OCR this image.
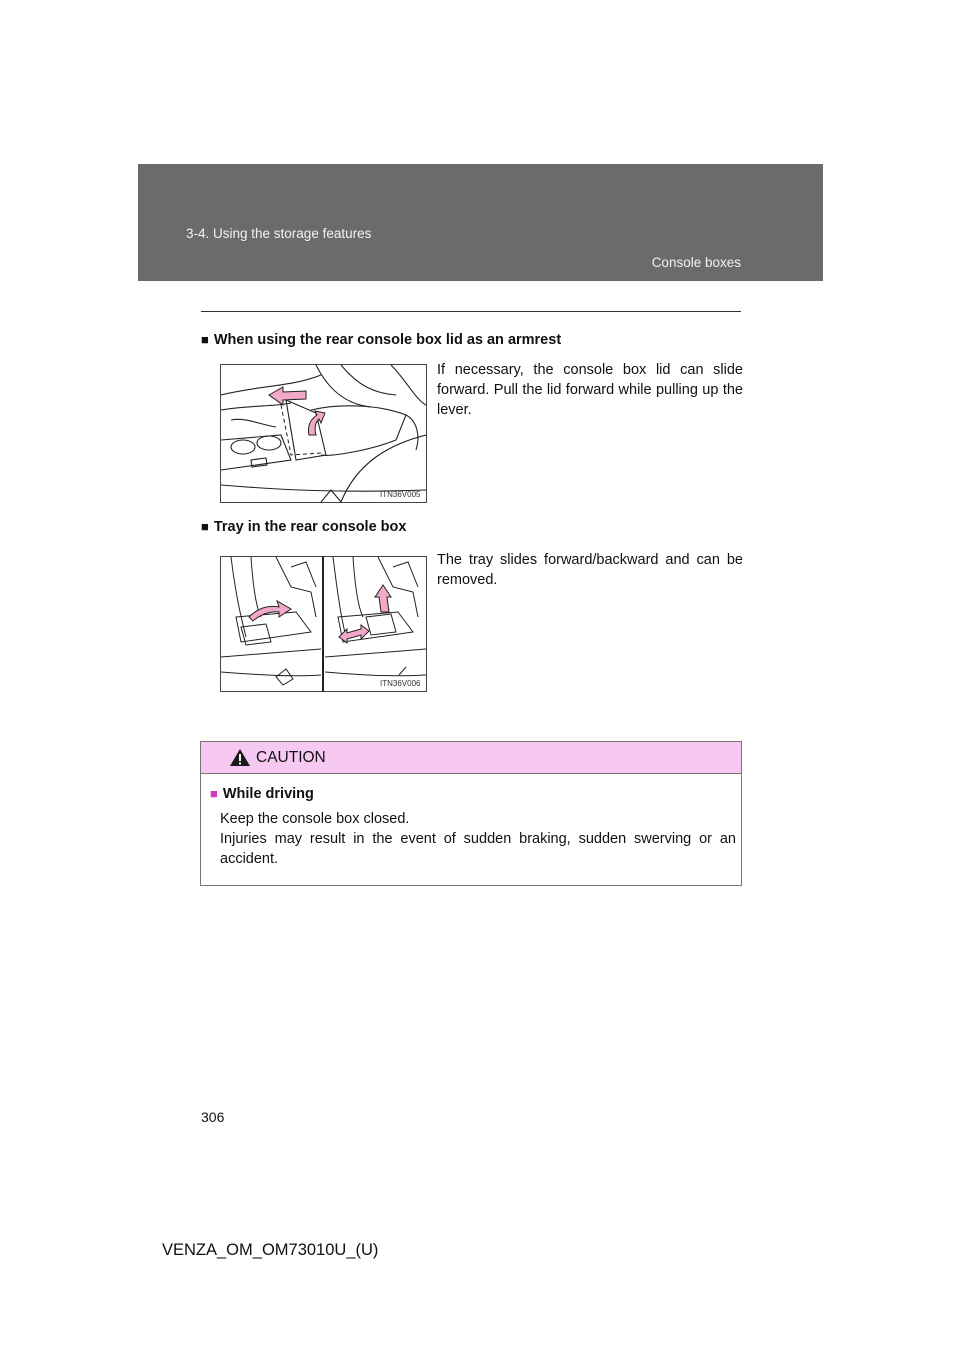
3-4. Using the storage features
Console boxes
■ When using the rear console box lid as an armrest
ITN36V005
If necessary, the console box lid can slide forward. Pull the lid forward while pulling up the lever.
■ Tray in the rear console box
ITN36V006
The tray slides forward/backward and can be removed.
CAUTION
■ While driving

Keep the console box closed.

Injuries may result in the event of sudden braking, sudden swerving or an accident.

306
VENZA_OM_OM73010U_(U)
